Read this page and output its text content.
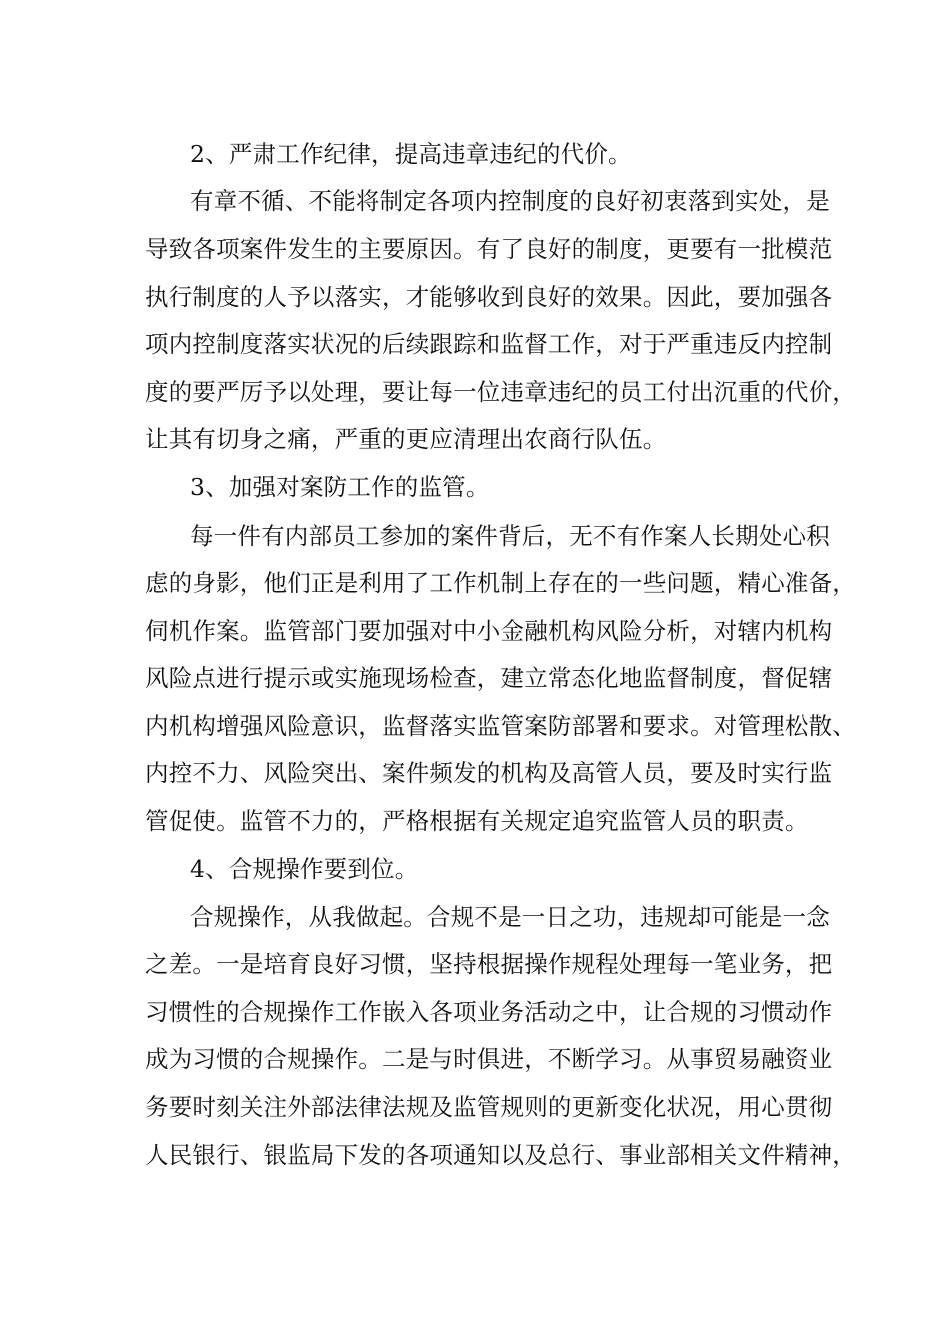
2、严肃工作纪律，提高违章违纪的代价。
有章不循、不能将制定各项内控制度的良好初衷落到实处，是
导致各项案件发生的主要原因。有了良好的制度，更要有一批模范
执行制度的人予以落实，才能够收到良好的效果。因此，要加强各
项内控制度落实状况的后续跟踪和监督工作，对于严重违反内控制
度的要严厉予以处理，要让每一位违章违纪的员工付出沉重的代价，
让其有切身之痛，严重的更应清理出农商行队伍。
3、加强对案防工作的监管。
每一件有内部员工参加的案件背后，无不有作案人长期处心积
虑的身影，他们正是利用了工作机制上存在的一些问题，精心准备，
伺机作案。监管部门要加强对中小金融机构风险分析，对辖内机构
风险点进行提示或实施现场检查，建立常态化地监督制度，督促辖
内机构增强风险意识，监督落实监管案防部署和要求。对管理松散、
内控不力、风险突出、案件频发的机构及高管人员，要及时实行监
管促使。监管不力的，严格根据有关规定追究监管人员的职责。
4、合规操作要到位。
合规操作，从我做起。合规不是一日之功，违规却可能是一念
之差。一是培育良好习惯，坚持根据操作规程处理每一笔业务，把
习惯性的合规操作工作嵌入各项业务活动之中，让合规的习惯动作
成为习惯的合规操作。二是与时俱进，不断学习。从事贸易融资业
务要时刻关注外部法律法规及监管规则的更新变化状况，用心贯彻
人民银行、银监局下发的各项通知以及总行、事业部相关文件精神，
